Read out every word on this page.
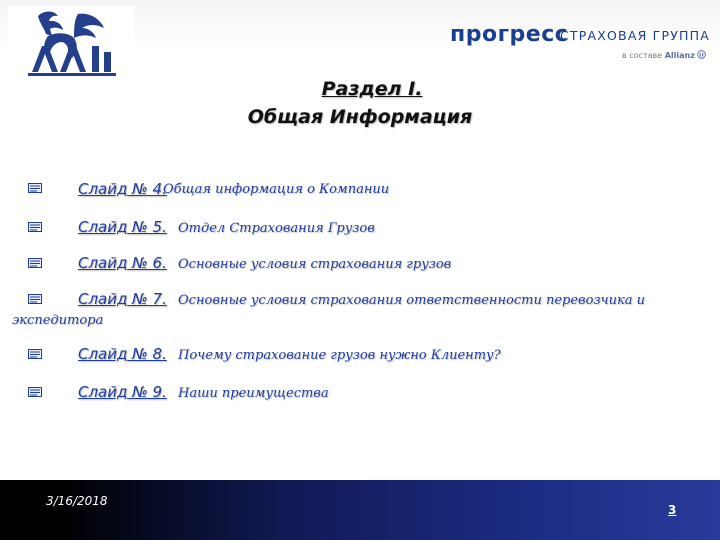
прогресс
СТРАХОВАЯ ГРУППА
в составе Allianz
Раздел I.
Общая Информация
Слайд № 4.
Общая информация о Компании
Слайд № 5. Отдел Страхования Грузов
Слайд № 6. Основные условия страхования грузов
Слайд № 7. Основные условия страхования ответственности перевозчика и
экспедитора
Слайд № 8. Почему страхование грузов нужно Клиенту?
Слайд № 9. Наши преимущества
3/16/2018
3
